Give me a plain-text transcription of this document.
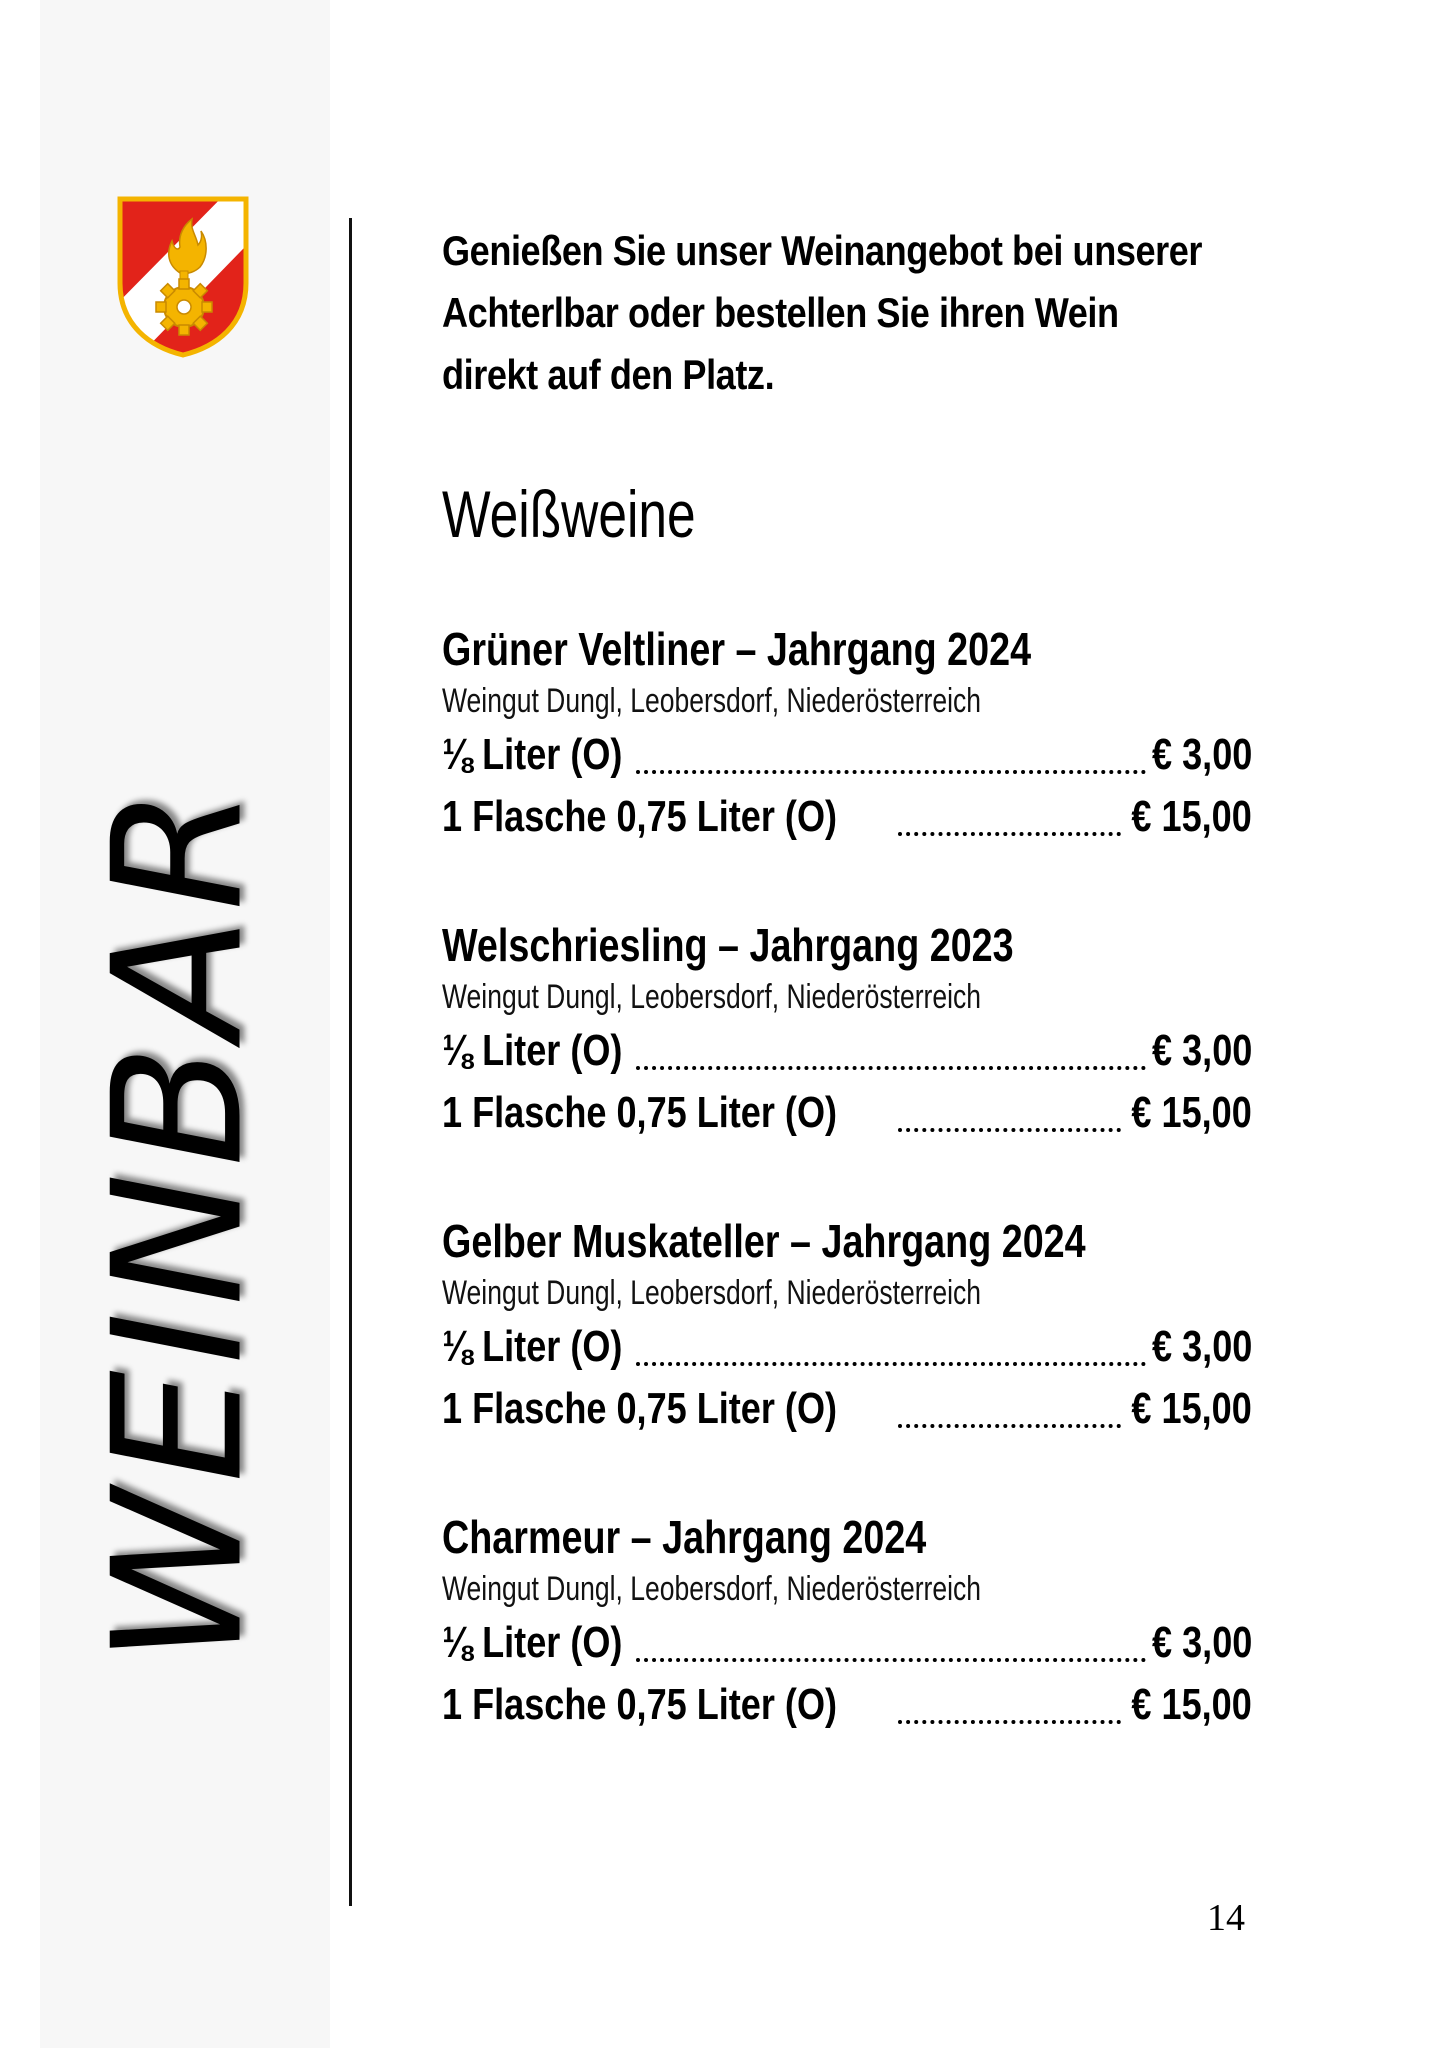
WEINBAR

Genießen Sie unser Weinangebot bei unserer
Achterlbar oder bestellen Sie ihren Wein
direkt auf den Platz.

Weißweine
Grüner Veltliner – Jahrgang 2024
Weingut Dungl, Leobersdorf, Niederösterreich
⅛ Liter (O)	€ 3,00
1 Flasche 0,75 Liter (O)	€ 15,00
Welschriesling – Jahrgang 2023
Weingut Dungl, Leobersdorf, Niederösterreich
⅛ Liter (O)	€ 3,00
1 Flasche 0,75 Liter (O)	€ 15,00
Gelber Muskateller – Jahrgang 2024
Weingut Dungl, Leobersdorf, Niederösterreich
⅛ Liter (O)	€ 3,00
1 Flasche 0,75 Liter (O)	€ 15,00
Charmeur – Jahrgang 2024
Weingut Dungl, Leobersdorf, Niederösterreich
⅛ Liter (O)	€ 3,00
1 Flasche 0,75 Liter (O)	€ 15,00
14
